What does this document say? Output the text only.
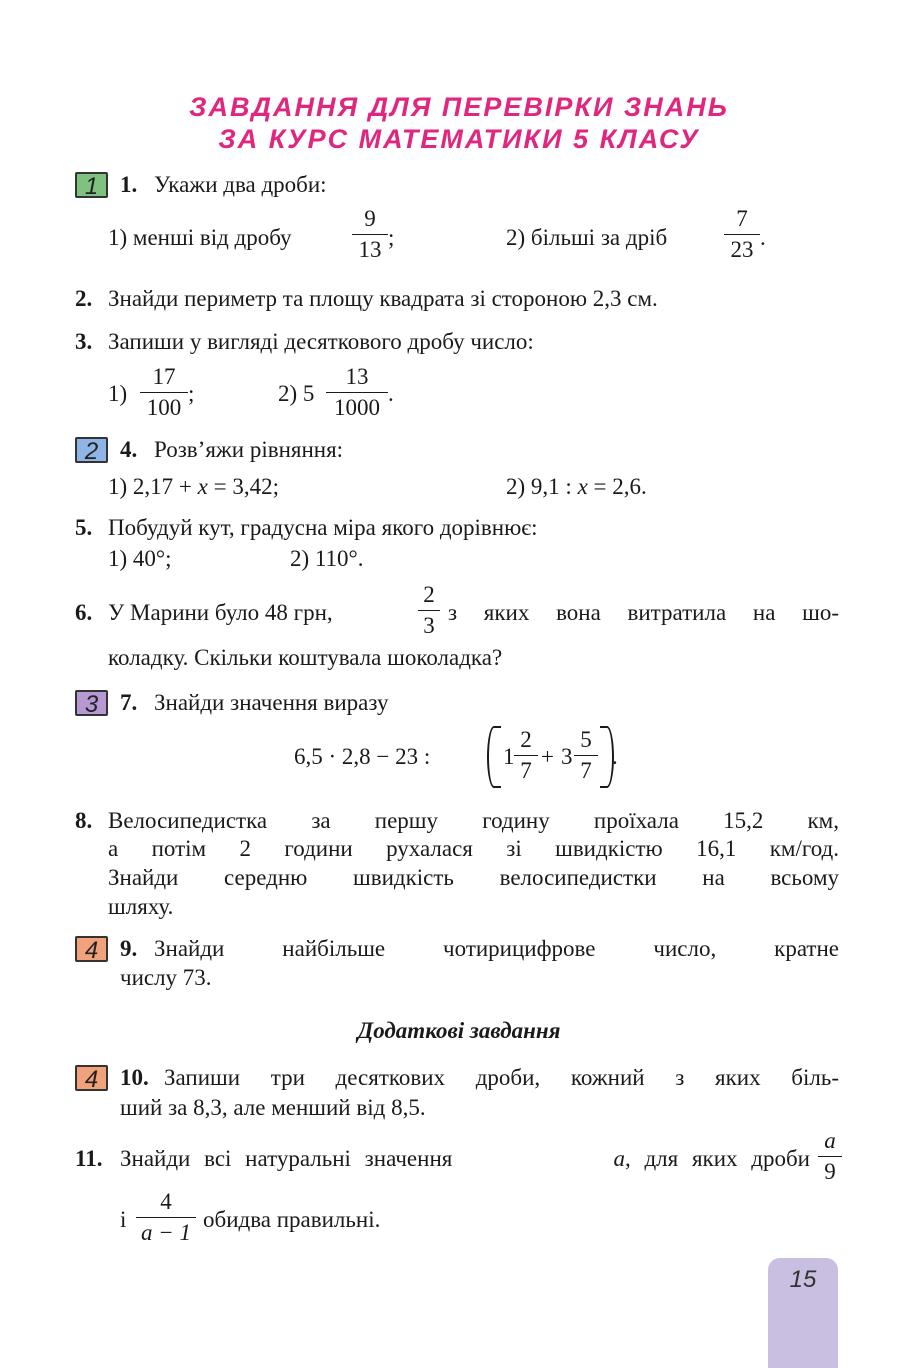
ЗАВДАННЯ ДЛЯ ПЕРЕВІРКИ ЗНАНЬ
ЗА КУРС МАТЕМАТИКИ 5 КЛАСУ
1 1. Укажи два дроби:
1) менші від дробу	$\frac{9}{13}$ ;	2) більші за дріб $\frac{7}{23}$ .
2. Знайди периметр та площу квадрата зі стороною 2,3 см.
3. Запиши у вигляді десяткового дробу число:
$1) \frac{17}{100}$ ;	2) $5 \frac{13}{1000}$ .
2 4. Розв’яжи рівняння:
1) 2,17 + x = 3,42;	2) 9,1 : x = 2,6.
5. Побудуй кут, градусна міра якого дорівнює:
1) 40°;	2) 110°.
6. У Марини було 48 грн,	$\frac{2}{3}$ з яких вона витратила на шо-
коладку. Скільки коштувала шоколадка?
3 7. Знайди значення виразу
6,5 · 2,8 − 23 :	$1 \frac{2}{7} + 3 \frac{5}{7}$ .
8. Велосипедистка за першу годину проїхала 15,2 км,
а потім 2 години рухалася зі швидкістю 16,1 км/год.
Знайди середню швидкість велосипедистки на всьому
шляху.
4 9. Знайди найбільше чотирицифрове число, кратне
числу 73.
Додаткові завдання
4 10. Запиши три десяткових дроби, кожний з яких біль-
ший за 8,3, але менший від 8,5.
11. Знайди всі натуральні значення	a, для яких дроби $\frac{a}{9}$
і $\frac{4}{a - 1}$ обидва правильні.
15
